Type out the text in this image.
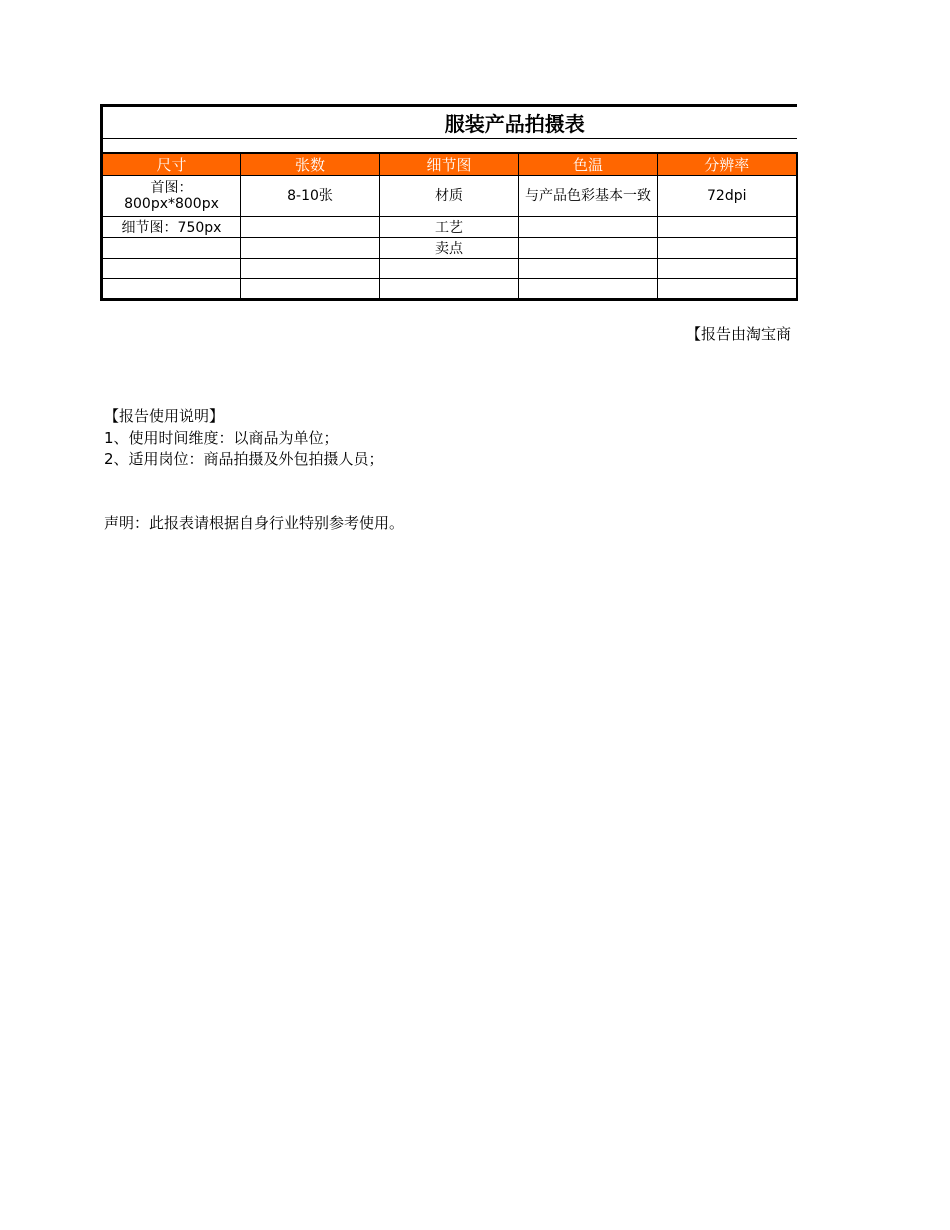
服装产品拍摄表				

尺寸	张数	细节图	色温	分辨率
首图：800px*800px	8-10张	材质	与产品色彩基本一致	72dpi
细节图：750px		工艺		
		卖点		

【报告由淘宝商
【报告使用说明】
1、使用时间维度：以商品为单位；
2、适用岗位：商品拍摄及外包拍摄人员；
声明：此报表请根据自身行业特别参考使用。
